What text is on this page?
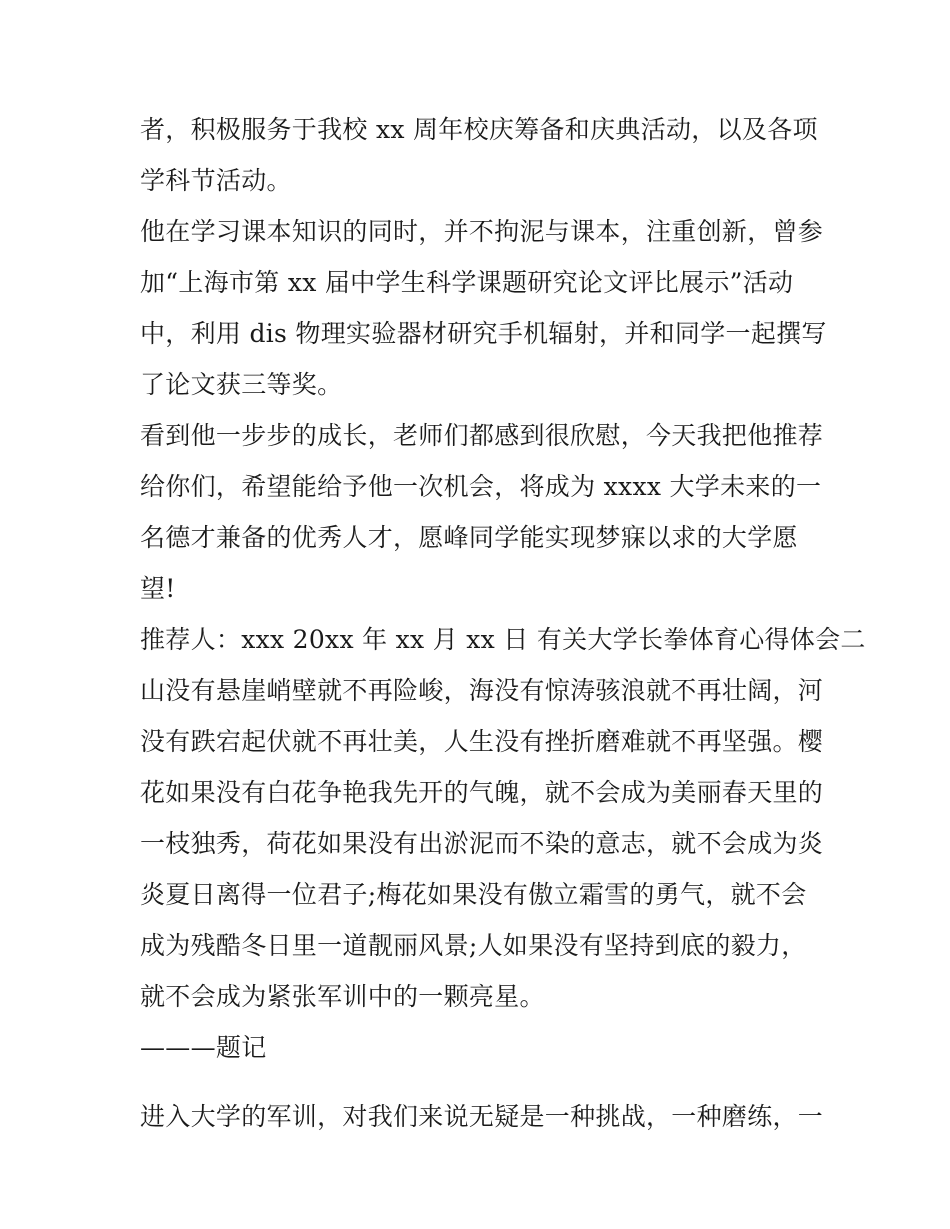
者，积极服务于我校 xx 周年校庆筹备和庆典活动，以及各项
学科节活动。
他在学习课本知识的同时，并不拘泥与课本，注重创新，曾参
加“上海市第 xx 届中学生科学课题研究论文评比展示”活动
中，利用 dis 物理实验器材研究手机辐射，并和同学一起撰写
了论文获三等奖。
看到他一步步的成长，老师们都感到很欣慰，今天我把他推荐
给你们，希望能给予他一次机会，将成为 xxxx 大学未来的一
名德才兼备的优秀人才，愿峰同学能实现梦寐以求的大学愿
望!
推荐人：xxx 20xx 年 xx 月 xx 日 有关大学长拳体育心得体会二
山没有悬崖峭壁就不再险峻，海没有惊涛骇浪就不再壮阔，河
没有跌宕起伏就不再壮美，人生没有挫折磨难就不再坚强。樱
花如果没有白花争艳我先开的气魄，就不会成为美丽春天里的
一枝独秀，荷花如果没有出淤泥而不染的意志，就不会成为炎
炎夏日离得一位君子;梅花如果没有傲立霜雪的勇气，就不会
成为残酷冬日里一道靓丽风景;人如果没有坚持到底的毅力，
就不会成为紧张军训中的一颗亮星。
———题记
进入大学的军训，对我们来说无疑是一种挑战，一种磨练，一
